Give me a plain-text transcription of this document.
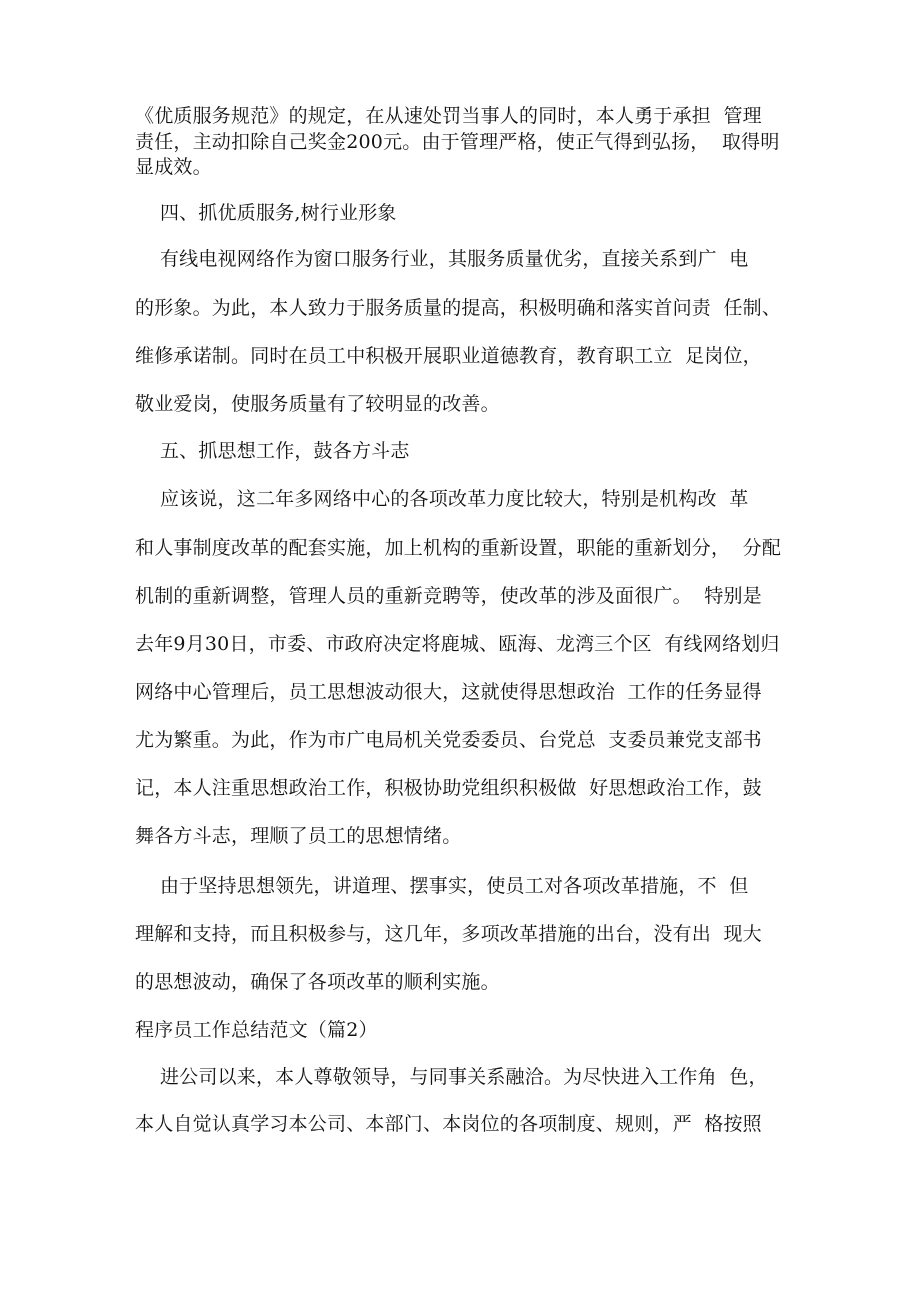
《优质服务规范》的规定，在从速处罚当事人的同时，本人勇于承担  管理
责任，主动扣除自己奖金200元。由于管理严格，使正气得到弘扬，  取得明
显成效。
四、抓优质服务,树行业形象
有线电视网络作为窗口服务行业，其服务质量优劣，直接关系到广  电
的形象。为此，本人致力于服务质量的提高，积极明确和落实首问责  任制、
维修承诺制。同时在员工中积极开展职业道德教育，教育职工立  足岗位，
敬业爱岗，使服务质量有了较明显的改善。
五、抓思想工作，鼓各方斗志
应该说，这二年多网络中心的各项改革力度比较大，特别是机构改  革
和人事制度改革的配套实施，加上机构的重新设置，职能的重新划分，  分配
机制的重新调整，管理人员的重新竞聘等，使改革的涉及面很广。  特别是
去年9月30日，市委、市政府决定将鹿城、瓯海、龙湾三个区  有线网络划归
网络中心管理后，员工思想波动很大，这就使得思想政治  工作的任务显得
尤为繁重。为此，作为市广电局机关党委委员、台党总  支委员兼党支部书
记，本人注重思想政治工作，积极协助党组织积极做  好思想政治工作，鼓
舞各方斗志，理顺了员工的思想情绪。
由于坚持思想领先，讲道理、摆事实，使员工对各项改革措施，不  但
理解和支持，而且积极参与，这几年，多项改革措施的出台，没有出  现大
的思想波动，确保了各项改革的顺利实施。
程序员工作总结范文（篇2）
进公司以来，本人尊敬领导，与同事关系融洽。为尽快进入工作角  色，
本人自觉认真学习本公司、本部门、本岗位的各项制度、规则，严  格按照
